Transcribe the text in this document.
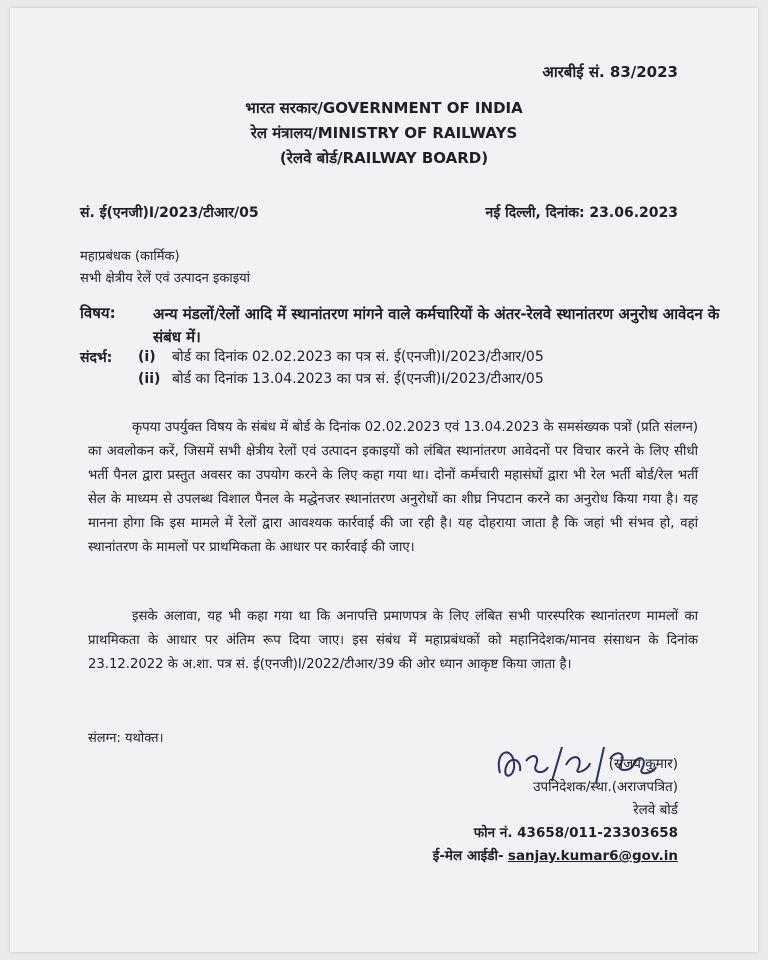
आरबीई सं. 83/2023
भारत सरकार/GOVERNMENT OF INDIA
रेल मंत्रालय/MINISTRY OF RAILWAYS
(रेलवे बोर्ड/RAILWAY BOARD)
सं. ई(एनजी)I/2023/टीआर/05	नई दिल्ली, दिनांक: 23.06.2023
महाप्रबंधक (कार्मिक)
सभी क्षेत्रीय रेलें एवं उत्पादन इकाइयां
विषय: अन्य मंडलों/रेलों आदि में स्थानांतरण मांगने वाले कर्मचारियों के अंतर-रेलवे स्थानांतरण अनुरोध आवेदन के संबंध में।
संदर्भ: (i) बोर्ड का दिनांक 02.02.2023 का पत्र सं. ई(एनजी)I/2023/टीआर/05
(ii) बोर्ड का दिनांक 13.04.2023 का पत्र सं. ई(एनजी)I/2023/टीआर/05
कृपया उपर्युक्त विषय के संबंध में बोर्ड के दिनांक 02.02.2023 एवं 13.04.2023 के समसंख्यक पत्रों (प्रति संलग्न) का अवलोकन करें, जिसमें सभी क्षेत्रीय रेलों एवं उत्पादन इकाइयों को लंबित स्थानांतरण आवेदनों पर विचार करने के लिए सीधी भर्ती पैनल द्वारा प्रस्तुत अवसर का उपयोग करने के लिए कहा गया था। दोनों कर्मचारी महासंघों द्वारा भी रेल भर्ती बोर्ड/रेल भर्ती सेल के माध्यम से उपलब्ध विशाल पैनल के मद्धेनजर स्थानांतरण अनुरोधों का शीघ्र निपटान करने का अनुरोध किया गया है। यह मानना होगा कि इस मामले में रेलों द्वारा आवश्यक कार्रवाई की जा रही है। यह दोहराया जाता है कि जहां भी संभव हो, वहां स्थानांतरण के मामलों पर प्राथमिकता के आधार पर कार्रवाई की जाए।
इसके अलावा, यह भी कहा गया था कि अनापत्ति प्रमाणपत्र के लिए लंबित सभी पारस्परिक स्थानांतरण मामलों का प्राथमिकता के आधार पर अंतिम रूप दिया जाए। इस संबंध में महाप्रबंधकों को महानिदेशक/मानव संसाधन के दिनांक 23.12.2022 के अ.शा. पत्र सं. ई(एनजी)I/2022/टीआर/39 की ओर ध्यान आकृष्ट किया जाता है।
संलग्न: यथोक्त।
(संजय कुमार)
उपनिदेशक/स्था.(अराजपत्रित)
रेलवे बोर्ड
फोन नं. 43658/011-23303658
ई-मेल आईडी- sanjay.kumar6@gov.in
